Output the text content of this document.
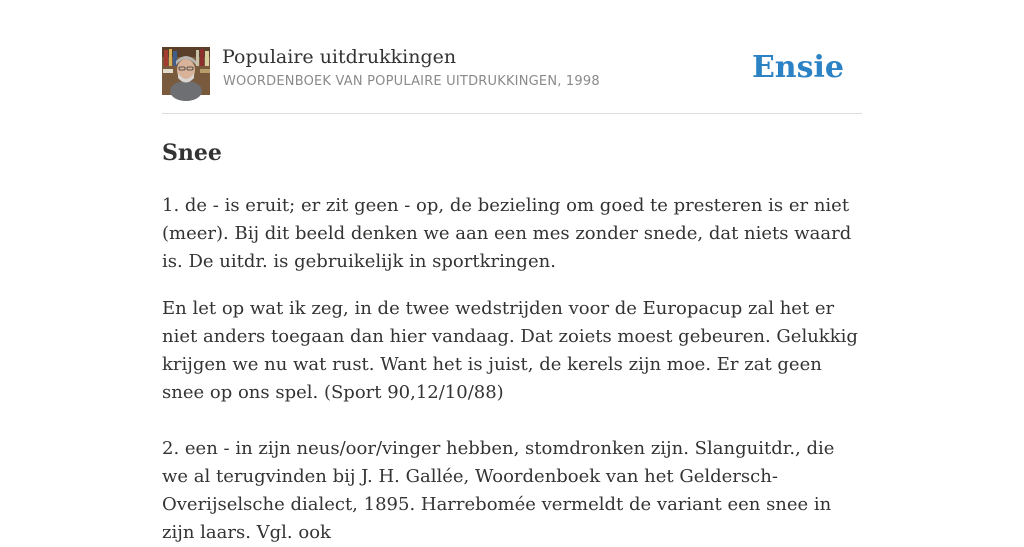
Populaire uitdrukkingen
WOORDENBOEK VAN POPULAIRE UITDRUKKINGEN, 1998	Ensie
Snee

1. de - is eruit; er zit geen - op, de bezieling om goed te presteren is er niet (meer). Bij dit beeld denken we aan een mes zonder snede, dat niets waard is. De uitdr. is gebruikelijk in sportkringen.

En let op wat ik zeg, in de twee wedstrijden voor de Europacup zal het er niet anders toegaan dan hier vandaag. Dat zoiets moest gebeuren. Gelukkig krijgen we nu wat rust. Want het is juist, de kerels zijn moe. Er zat geen snee op ons spel. (Sport 90,12/10/88)

2. een - in zijn neus/oor/vinger hebben, stomdronken zijn. Slanguitdr., die we al terugvinden bij J. H. Gallée, Woordenboek van het Geldersch- Overijselsche dialect, 1895. Harrebomée vermeldt de variant een snee in zijn laars. Vgl. ook
